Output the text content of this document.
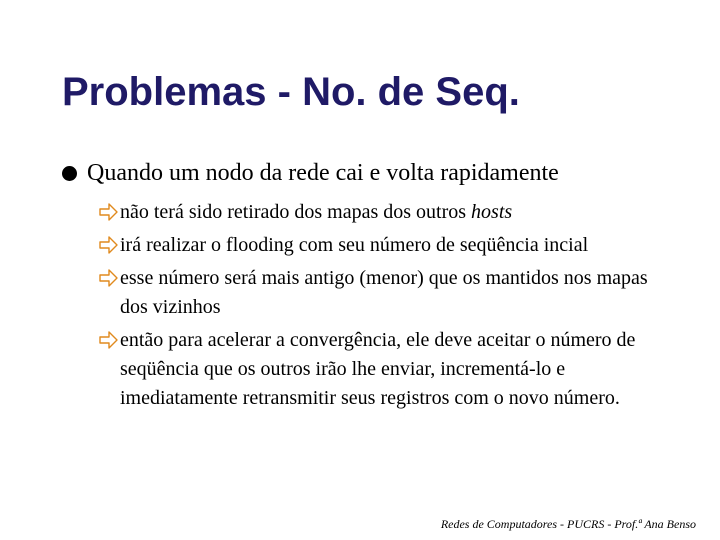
Problemas - No. de Seq.
Quando um nodo da rede cai e volta rapidamente
não terá sido retirado dos mapas dos outros hosts
irá realizar o flooding com seu número de seqüência incial
esse número será mais antigo (menor) que os mantidos nos mapas dos vizinhos
então para acelerar a convergência, ele deve aceitar o número de seqüência que os outros irão lhe enviar, incrementá-lo e imediatamente retransmitir seus registros com o novo número.
Redes de Computadores - PUCRS - Prof.ª Ana Benso
